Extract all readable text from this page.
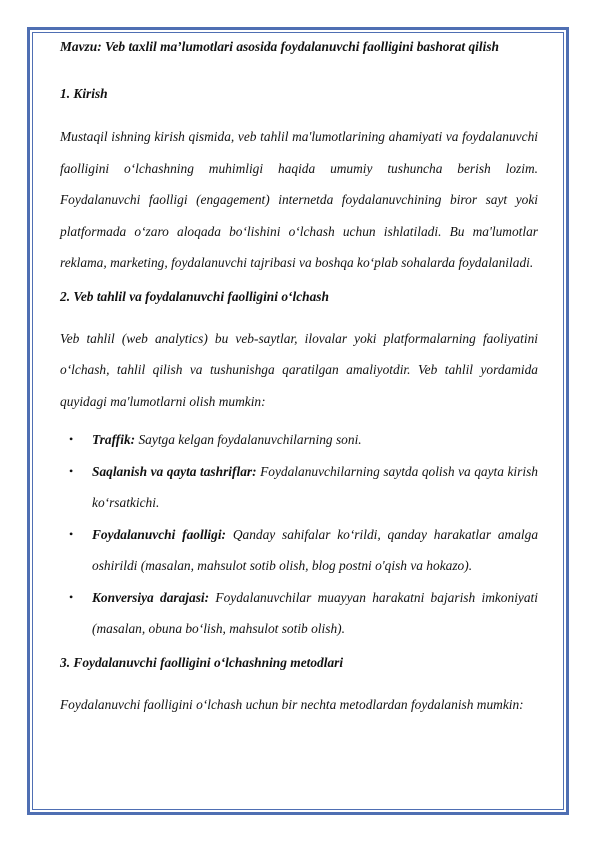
Mavzu: Veb taxlil ma’lumotlari asosida foydalanuvchi faolligini bashorat qilish

1. Kirish

Mustaqil ishning kirish qismida, veb tahlil ma'lumotlarining ahamiyati va foydalanuvchi faolligini o‘lchashning muhimligi haqida umumiy tushuncha berish lozim. Foydalanuvchi faolligi (engagement) internetda foydalanuvchining biror sayt yoki platformada o‘zaro aloqada bo‘lishini o‘lchash uchun ishlatiladi. Bu ma'lumotlar reklama, marketing, foydalanuvchi tajribasi va boshqa ko‘plab sohalarda foydalaniladi.

2. Veb tahlil va foydalanuvchi faolligini o‘lchash

Veb tahlil (web analytics) bu veb-saytlar, ilovalar yoki platformalarning faoliyatini o‘lchash, tahlil qilish va tushunishga qaratilgan amaliyotdir. Veb tahlil yordamida quyidagi ma'lumotlarni olish mumkin:

• Traffik: Saytga kelgan foydalanuvchilarning soni.
• Saqlanish va qayta tashriflar: Foydalanuvchilarning saytda qolish va qayta kirish ko‘rsatkichi.
• Foydalanuvchi faolligi: Qanday sahifalar ko‘rildi, qanday harakatlar amalga oshirildi (masalan, mahsulot sotib olish, blog postni o'qish va hokazo).
• Konversiya darajasi: Foydalanuvchilar muayyan harakatni bajarish imkoniyati (masalan, obuna bo‘lish, mahsulot sotib olish).

3. Foydalanuvchi faolligini o‘lchashning metodlari

Foydalanuvchi faolligini o‘lchash uchun bir nechta metodlardan foydalanish mumkin:
